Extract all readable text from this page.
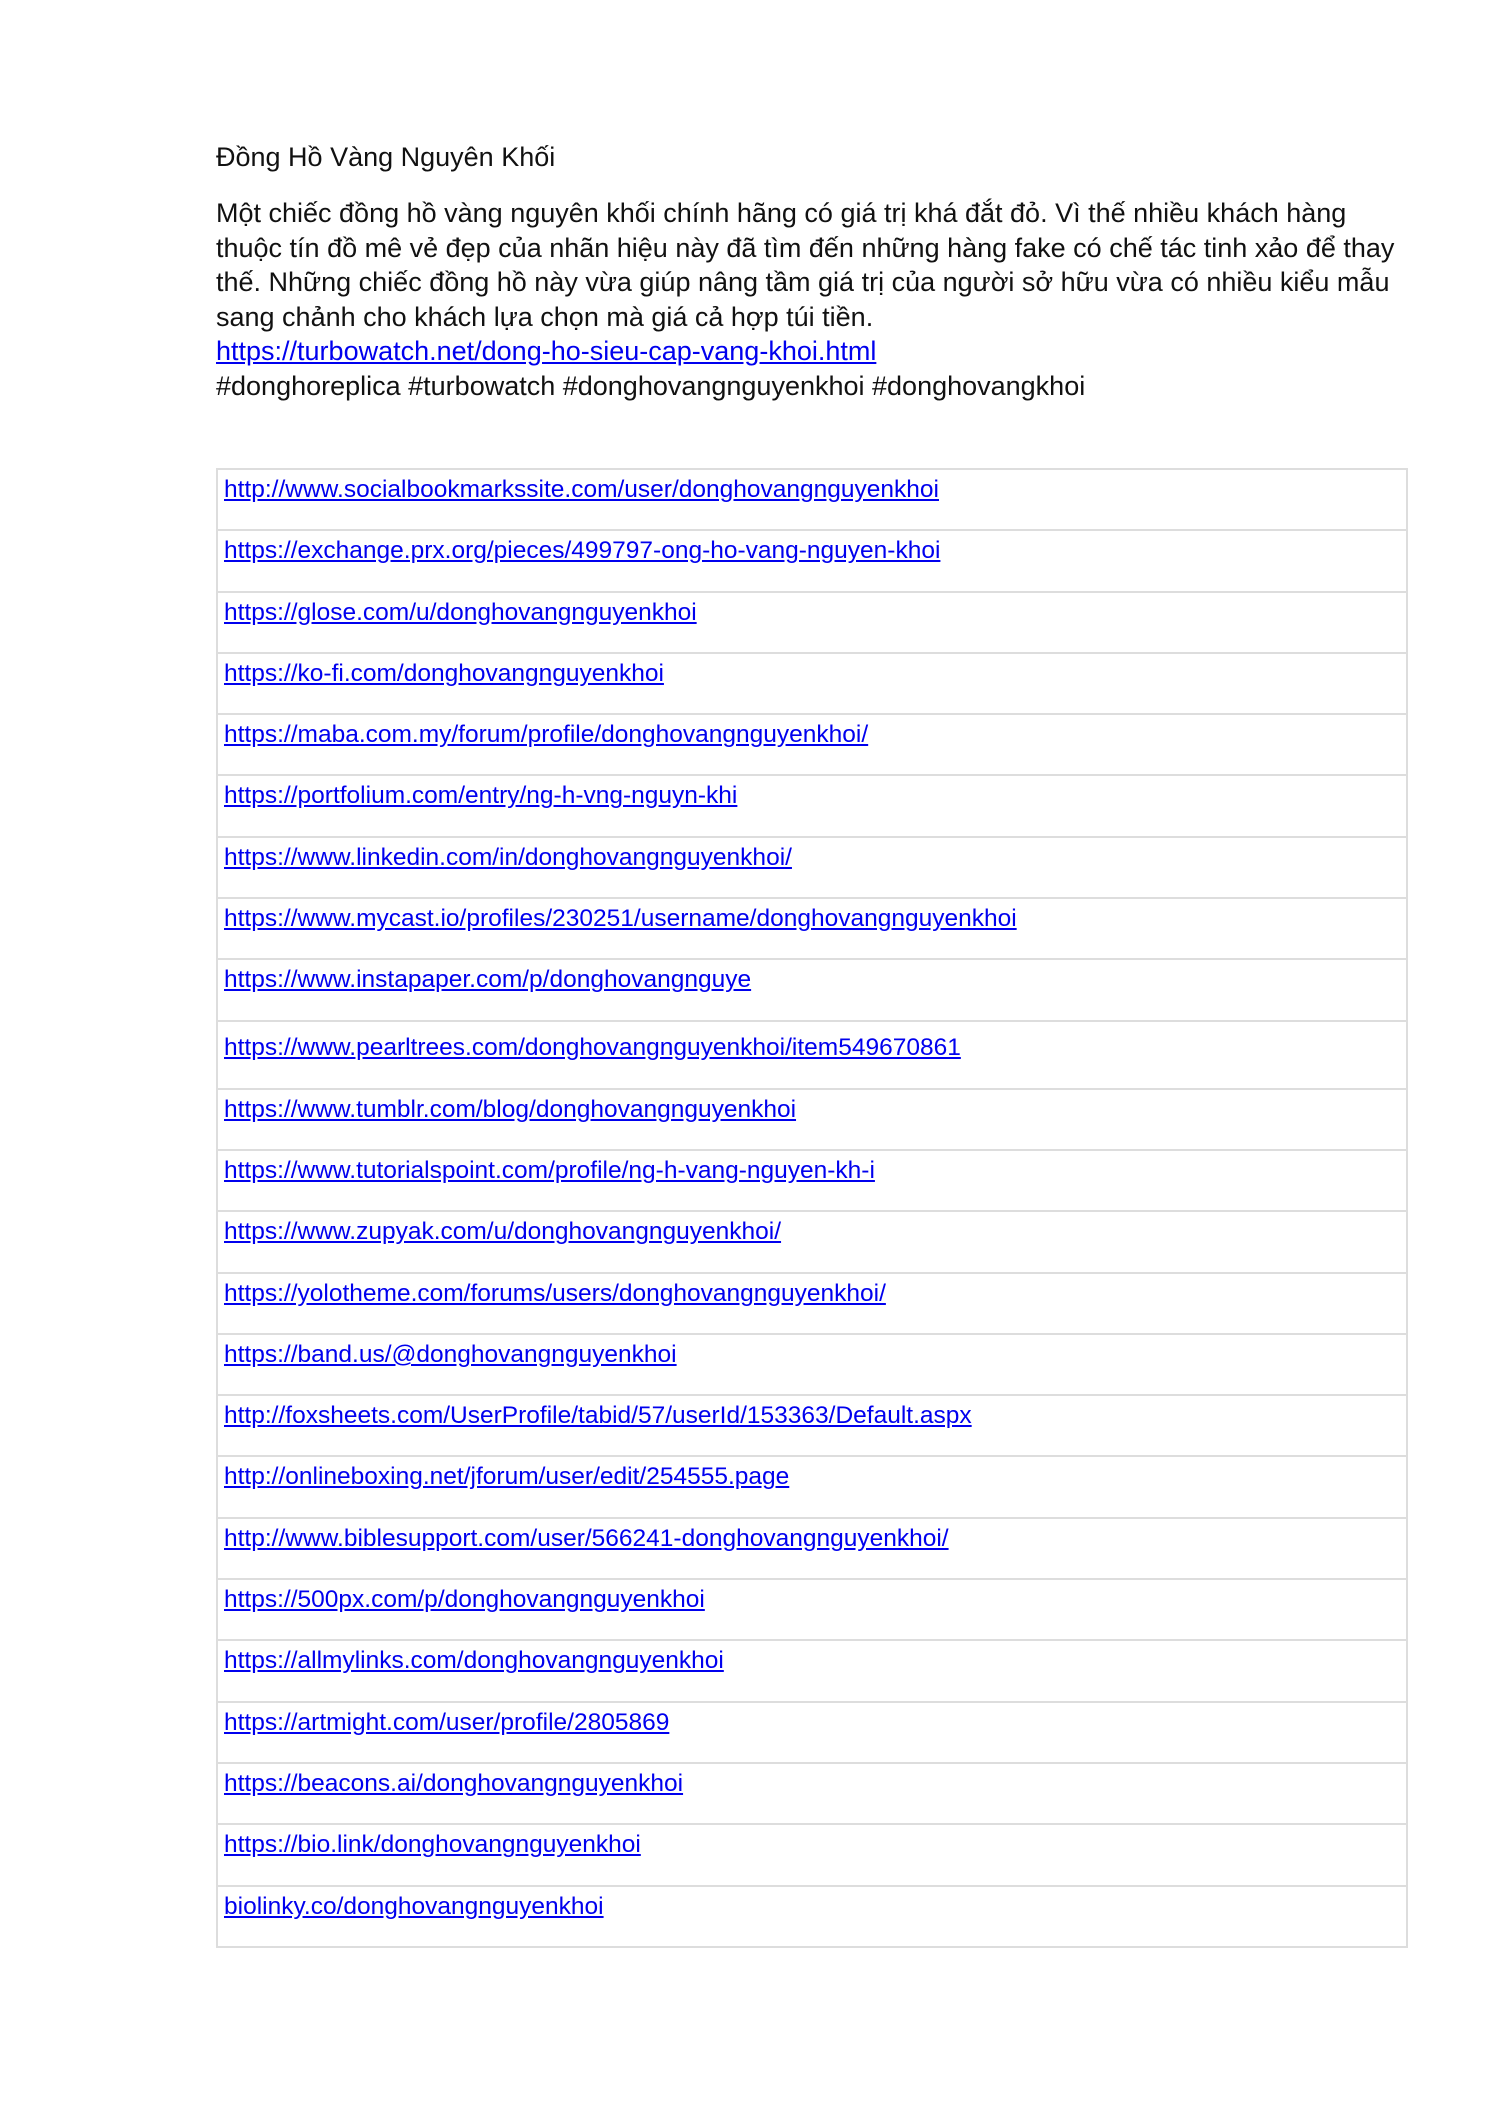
Đồng Hồ Vàng Nguyên Khối
Một chiếc đồng hồ vàng nguyên khối chính hãng có giá trị khá đắt đỏ. Vì thế nhiều khách hàng thuộc tín đồ mê vẻ đẹp của nhãn hiệu này đã tìm đến những hàng fake có chế tác tinh xảo để thay thế. Những chiếc đồng hồ này vừa giúp nâng tầm giá trị của người sở hữu vừa có nhiều kiểu mẫu sang chảnh cho khách lựa chọn mà giá cả hợp túi tiền.
https://turbowatch.net/dong-ho-sieu-cap-vang-khoi.html
#donghoreplica #turbowatch #donghovangnguyenkhoi #donghovangkhoi
http://www.socialbookmarkssite.com/user/donghovangnguyenkhoi
https://exchange.prx.org/pieces/499797-ong-ho-vang-nguyen-khoi
https://glose.com/u/donghovangnguyenkhoi
https://ko-fi.com/donghovangnguyenkhoi
https://maba.com.my/forum/profile/donghovangnguyenkhoi/
https://portfolium.com/entry/ng-h-vng-nguyn-khi
https://www.linkedin.com/in/donghovangnguyenkhoi/
https://www.mycast.io/profiles/230251/username/donghovangnguyenkhoi
https://www.instapaper.com/p/donghovangnguye
https://www.pearltrees.com/donghovangnguyenkhoi/item549670861
https://www.tumblr.com/blog/donghovangnguyenkhoi
https://www.tutorialspoint.com/profile/ng-h-vang-nguyen-kh-i
https://www.zupyak.com/u/donghovangnguyenkhoi/
https://yolotheme.com/forums/users/donghovangnguyenkhoi/
https://band.us/@donghovangnguyenkhoi
http://foxsheets.com/UserProfile/tabid/57/userId/153363/Default.aspx
http://onlineboxing.net/jforum/user/edit/254555.page
http://www.biblesupport.com/user/566241-donghovangnguyenkhoi/
https://500px.com/p/donghovangnguyenkhoi
https://allmylinks.com/donghovangnguyenkhoi
https://artmight.com/user/profile/2805869
https://beacons.ai/donghovangnguyenkhoi
https://bio.link/donghovangnguyenkhoi
biolinky.co/donghovangnguyenkhoi
